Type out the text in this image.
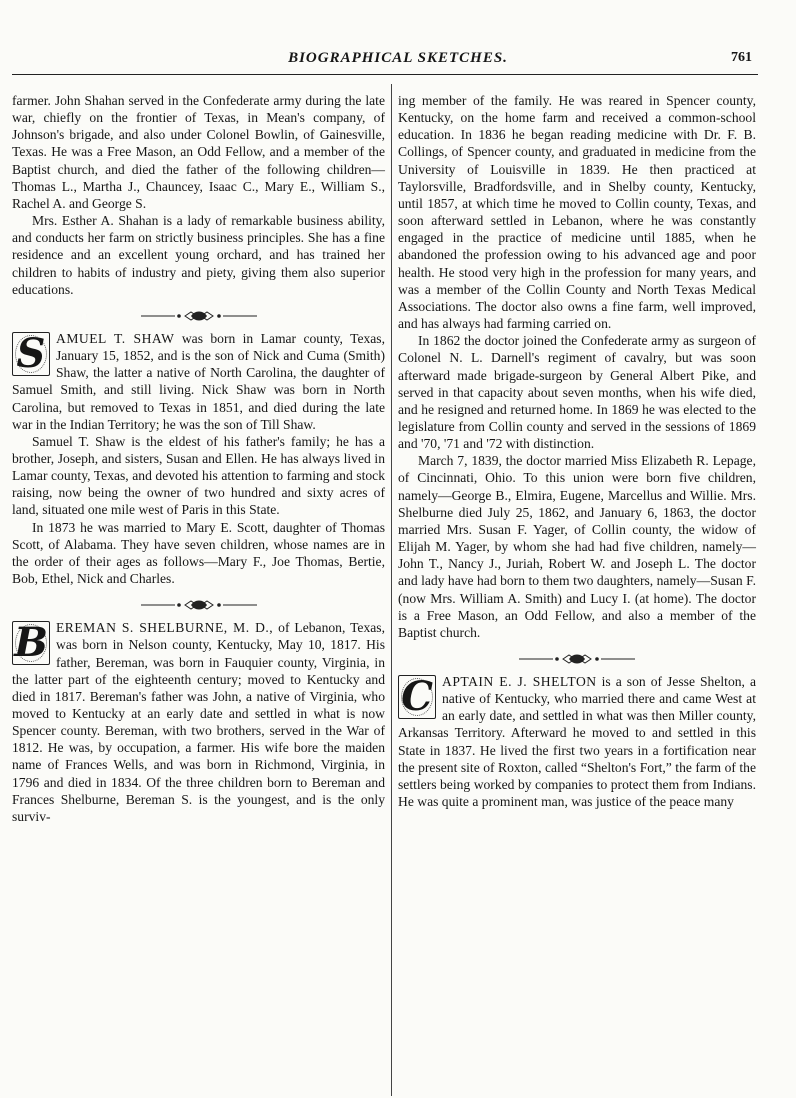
BIOGRAPHICAL SKETCHES.	761

farmer. John Shahan served in the Confederate army during the late war, chiefly on the frontier of Texas, in Mean's company, of Johnson's brigade, and also under Colonel Bowlin, of Gainesville, Texas. He was a Free Mason, an Odd Fellow, and a member of the Baptist church, and died the father of the following children—Thomas L., Martha J., Chauncey, Isaac C., Mary E., William S., Rachel A. and George S.

Mrs. Esther A. Shahan is a lady of remarkable business ability, and conducts her farm on strictly business principles. She has a fine residence and an excellent young orchard, and has trained her children to habits of industry and piety, giving them also superior educations.

SAMUEL T. SHAW was born in Lamar county, Texas, January 15, 1852, and is the son of Nick and Cuma (Smith) Shaw, the latter a native of North Carolina, the daughter of Samuel Smith, and still living. Nick Shaw was born in North Carolina, but removed to Texas in 1851, and died during the late war in the Indian Territory; he was the son of Till Shaw.

Samuel T. Shaw is the eldest of his father's family; he has a brother, Joseph, and sisters, Susan and Ellen. He has always lived in Lamar county, Texas, and devoted his attention to farming and stock raising, now being the owner of two hundred and sixty acres of land, situated one mile west of Paris in this State.

In 1873 he was married to Mary E. Scott, daughter of Thomas Scott, of Alabama. They have seven children, whose names are in the order of their ages as follows—Mary F., Joe Thomas, Bertie, Bob, Ethel, Nick and Charles.

BEREMAN S. SHELBURNE, M. D., of Lebanon, Texas, was born in Nelson county, Kentucky, May 10, 1817. His father, Bereman, was born in Fauquier county, Virginia, in the latter part of the eighteenth century; moved to Kentucky and died in 1817. Bereman's father was John, a native of Virginia, who moved to Kentucky at an early date and settled in what is now Spencer county. Bereman, with two brothers, served in the War of 1812. He was, by occupation, a farmer. His wife bore the maiden name of Frances Wells, and was born in Richmond, Virginia, in 1796 and died in 1834. Of the three children born to Bereman and Frances Shelburne, Bereman S. is the youngest, and is the only surviv-

ing member of the family. He was reared in Spencer county, Kentucky, on the home farm and received a common-school education. In 1836 he began reading medicine with Dr. F. B. Collings, of Spencer county, and graduated in medicine from the University of Louisville in 1839. He then practiced at Taylorsville, Bradfordsville, and in Shelby county, Kentucky, until 1857, at which time he moved to Collin county, Texas, and soon afterward settled in Lebanon, where he was constantly engaged in the practice of medicine until 1885, when he abandoned the profession owing to his advanced age and poor health. He stood very high in the profession for many years, and was a member of the Collin County and North Texas Medical Associations. The doctor also owns a fine farm, well improved, and has always had farming carried on.

In 1862 the doctor joined the Confederate army as surgeon of Colonel N. L. Darnell's regiment of cavalry, but was soon afterward made brigade-surgeon by General Albert Pike, and served in that capacity about seven months, when his wife died, and he resigned and returned home. In 1869 he was elected to the legislature from Collin county and served in the sessions of 1869 and '70, '71 and '72 with distinction.

March 7, 1839, the doctor married Miss Elizabeth R. Lepage, of Cincinnati, Ohio. To this union were born five children, namely—George B., Elmira, Eugene, Marcellus and Willie. Mrs. Shelburne died July 25, 1862, and January 6, 1863, the doctor married Mrs. Susan F. Yager, of Collin county, the widow of Elijah M. Yager, by whom she had had five children, namely—John T., Nancy J., Juriah, Robert W. and Joseph L. The doctor and lady have had born to them two daughters, namely—Susan F. (now Mrs. William A. Smith) and Lucy I. (at home). The doctor is a Free Mason, an Odd Fellow, and also a member of the Baptist church.

CAPTAIN E. J. SHELTON is a son of Jesse Shelton, a native of Kentucky, who married there and came West at an early date, and settled in what was then Miller county, Arkansas Territory. Afterward he moved to and settled in this State in 1837. He lived the first two years in a fortification near the present site of Roxton, called “Shelton's Fort,” the farm of the settlers being worked by companies to protect them from Indians. He was quite a prominent man, was justice of the peace many
